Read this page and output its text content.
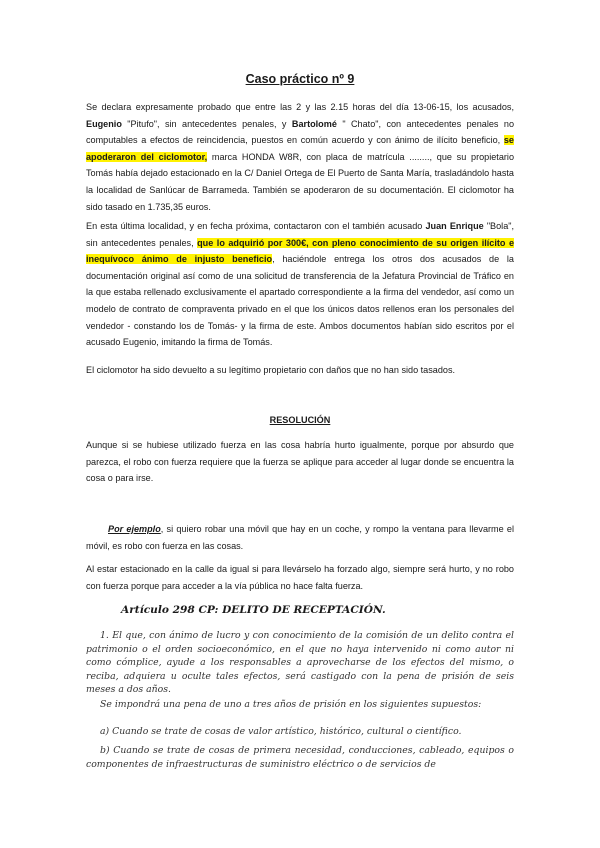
Caso práctico nº 9

Se declara expresamente probado que entre las 2 y las 2.15 horas del día 13-06-15, los acusados, Eugenio "Pitufo", sin antecedentes penales, y Bartolomé " Chato", con antecedentes penales no computables a efectos de reincidencia, puestos en común acuerdo y con ánimo de ilícito beneficio, se apoderaron del ciclomotor, marca HONDA W8R, con placa de matrícula ........, que su propietario Tomás había dejado estacionado en la C/ Daniel Ortega de El Puerto de Santa María, trasladándolo hasta la localidad de Sanlúcar de Barrameda. También se apoderaron de su documentación. El ciclomotor ha sido tasado en 1.735,35 euros.

En esta última localidad, y en fecha próxima, contactaron con el también acusado Juan Enrique "Bola", sin antecedentes penales, que lo adquirió por 300€, con pleno conocimiento de su origen ilícito e inequívoco ánimo de injusto beneficio, haciéndole entrega los otros dos acusados de la documentación original así como de una solicitud de transferencia de la Jefatura Provincial de Tráfico en la que estaba rellenado exclusivamente el apartado correspondiente a la firma del vendedor, así como un modelo de contrato de compraventa privado en el que los únicos datos rellenos eran los personales del vendedor - constando los de Tomás- y la firma de este. Ambos documentos habían sido escritos por el acusado Eugenio, imitando la firma de Tomás.

El ciclomotor ha sido devuelto a su legítimo propietario con daños que no han sido tasados.

RESOLUCIÓN

Aunque si se hubiese utilizado fuerza en las cosa habría hurto igualmente, porque por absurdo que parezca, el robo con fuerza requiere que la fuerza se aplique para acceder al lugar donde se encuentra la cosa o para irse.

Por ejemplo, si quiero robar una móvil que hay en un coche, y rompo la ventana para llevarme el móvil, es robo con fuerza en las cosas.

Al estar estacionado en la calle da igual si para llevárselo ha forzado algo, siempre será hurto, y no robo con fuerza porque para acceder a la vía pública no hace falta fuerza.

Artículo 298 CP: DELITO DE RECEPTACIÓN.

1. El que, con ánimo de lucro y con conocimiento de la comisión de un delito contra el patrimonio o el orden socioeconómico, en el que no haya intervenido ni como autor ni como cómplice, ayude a los responsables a aprovecharse de los efectos del mismo, o reciba, adquiera u oculte tales efectos, será castigado con la pena de prisión de seis meses a dos años.

Se impondrá una pena de uno a tres años de prisión en los siguientes supuestos:

a) Cuando se trate de cosas de valor artístico, histórico, cultural o científico.

b) Cuando se trate de cosas de primera necesidad, conducciones, cableado, equipos o componentes de infraestructuras de suministro eléctrico o de servicios de
